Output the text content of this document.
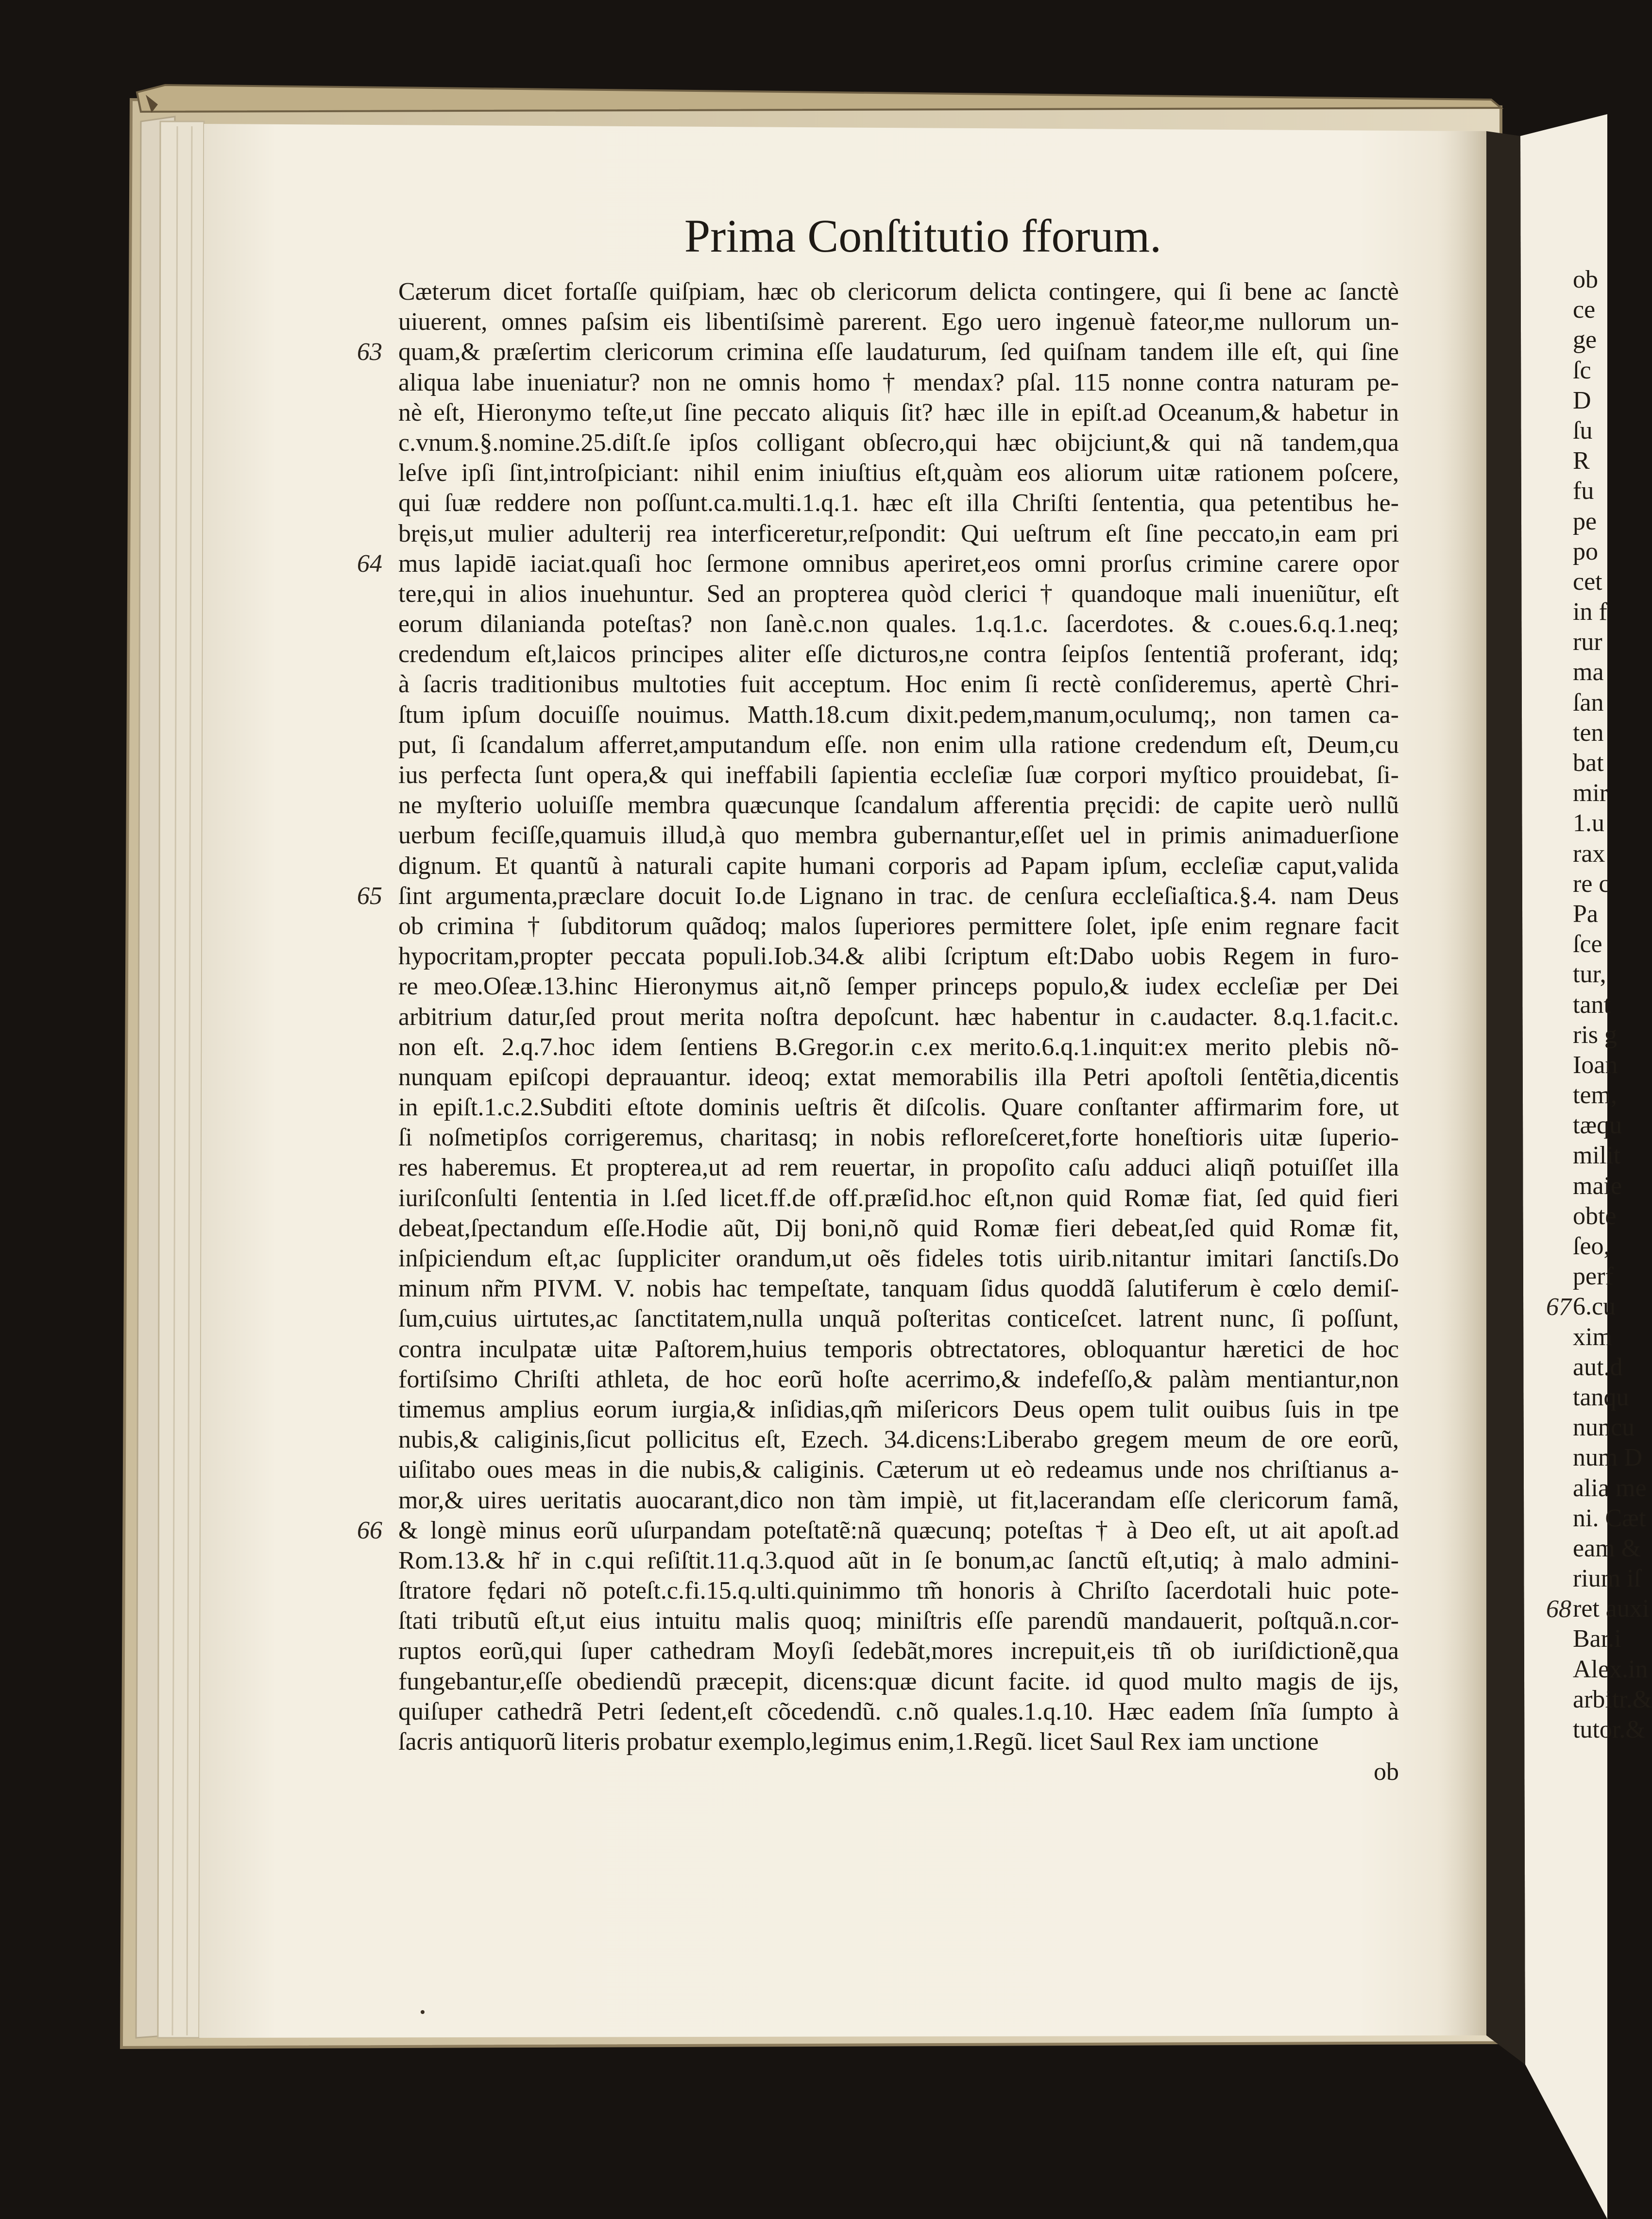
Prima Conſtitutio fforum.
Cæterum dicet fortaſſe quiſpiam, hæc ob clericorum delicta contingere, qui ſi bene ac ſanctè
uiuerent, omnes paſsim eis libentiſsimè parerent. Ego uero ingenuè fateor,me nullorum un-
quam,& præſertim clericorum crimina eſſe laudaturum, ſed quiſnam tandem ille eſt, qui ſine
aliqua labe inueniatur? non ne omnis homo † mendax? pſal. 115 nonne contra naturam pe-
nè eſt, Hieronymo teſte,ut ſine peccato aliquis ſit? hæc ille in epiſt.ad Oceanum,& habetur in
c.vnum.§.nomine.25.diſt.ſe ipſos colligant obſecro,qui hæc obijciunt,& qui nã tandem,qua
leſve ipſi ſint,introſpiciant: nihil enim iniuſtius eſt,quàm eos aliorum uitæ rationem poſcere,
qui ſuæ reddere non poſſunt.ca.multi.1.q.1. hæc eſt illa Chriſti ſententia, qua petentibus he-
bręis,ut mulier adulterij rea interficeretur,reſpondit: Qui ueſtrum eſt ſine peccato,in eam pri
mus lapidē iaciat.quaſi hoc ſermone omnibus aperiret,eos omni prorſus crimine carere opor
tere,qui in alios inuehuntur. Sed an propterea quòd clerici † quandoque mali inueniũtur, eſt
eorum dilanianda poteſtas? non ſanè.c.non quales. 1.q.1.c. ſacerdotes. & c.oues.6.q.1.neq;
credendum eſt,laicos principes aliter eſſe dicturos,ne contra ſeipſos ſententiã proferant, idq;
à ſacris traditionibus multoties fuit acceptum. Hoc enim ſi rectè conſideremus, apertè Chri-
ſtum ipſum docuiſſe nouimus. Matth.18.cum dixit.pedem,manum,oculumq;, non tamen ca-
put, ſi ſcandalum afferret,amputandum eſſe. non enim ulla ratione credendum eſt, Deum,cu
ius perfecta ſunt opera,& qui ineffabili ſapientia eccleſiæ ſuæ corpori myſtico prouidebat, ſi-
ne myſterio uoluiſſe membra quæcunque ſcandalum afferentia pręcidi: de capite uerò nullũ
uerbum feciſſe,quamuis illud,à quo membra gubernantur,eſſet uel in primis animaduerſione
dignum. Et quantũ à naturali capite humani corporis ad Papam ipſum, eccleſiæ caput,valida
ſint argumenta,præclare docuit Io.de Lignano in trac. de cenſura eccleſiaſtica.§.4. nam Deus
ob crimina † ſubditorum quãdoq; malos ſuperiores permittere ſolet, ipſe enim regnare facit
hypocritam,propter peccata populi.Iob.34.& alibi ſcriptum eſt:Dabo uobis Regem in furo-
re meo.Oſeæ.13.hinc Hieronymus ait,nõ ſemper princeps populo,& iudex eccleſiæ per Dei
arbitrium datur,ſed prout merita noſtra depoſcunt. hæc habentur in c.audacter. 8.q.1.facit.c.
non eſt. 2.q.7.hoc idem ſentiens B.Gregor.in c.ex merito.6.q.1.inquit:ex merito plebis nõ-
nunquam epiſcopi deprauantur. ideoq; extat memorabilis illa Petri apoſtoli ſentẽtia,dicentis
in epiſt.1.c.2.Subditi eſtote dominis ueſtris ẽt diſcolis. Quare conſtanter affirmarim fore, ut
ſi noſmetipſos corrigeremus, charitasq; in nobis refloreſceret,forte honeſtioris uitæ ſuperio-
res haberemus. Et propterea,ut ad rem reuertar, in propoſito caſu adduci aliqñ potuiſſet illa
iuriſconſulti ſententia in l.ſed licet.ff.de off.præſid.hoc eſt,non quid Romæ fiat, ſed quid fieri
debeat,ſpectandum eſſe.Hodie aũt, Dij boni,nõ quid Romæ fieri debeat,ſed quid Romæ fit,
inſpiciendum eſt,ac ſuppliciter orandum,ut oẽs fideles totis uirib.nitantur imitari ſanctiſs.Do
minum nr̃m PIVM. V. nobis hac tempeſtate, tanquam ſidus quoddã ſalutiferum è cœlo demiſ-
ſum,cuius uirtutes,ac ſanctitatem,nulla unquã poſteritas conticeſcet. latrent nunc, ſi poſſunt,
contra inculpatæ uitæ Paſtorem,huius temporis obtrectatores, obloquantur hæretici de hoc
fortiſsimo Chriſti athleta, de hoc eorũ hoſte acerrimo,& indefeſſo,& palàm mentiantur,non
timemus amplius eorum iurgia,& inſidias,qm̃ miſericors Deus opem tulit ouibus ſuis in tpe
nubis,& caliginis,ſicut pollicitus eſt, Ezech. 34.dicens:Liberabo gregem meum de ore eorũ,
uiſitabo oues meas in die nubis,& caliginis. Cæterum ut eò redeamus unde nos chriſtianus a-
mor,& uires ueritatis auocarant,dico non tàm impiè, ut fit,lacerandam eſſe clericorum famã,
& longè minus eorũ uſurpandam poteſtatẽ:nã quæcunq; poteſtas † à Deo eſt, ut ait apoſt.ad
Rom.13.& hr̃ in c.qui reſiſtit.11.q.3.quod aũt in ſe bonum,ac ſanctũ eſt,utiq; à malo admini-
ſtratore fędari nõ poteſt.c.fi.15.q.ulti.quinimmo tm̃ honoris à Chriſto ſacerdotali huic pote-
ſtati tributũ eſt,ut eius intuitu malis quoq; miniſtris eſſe parendũ mandauerit, poſtquã.n.cor-
ruptos eorũ,qui ſuper cathedram Moyſi ſedebãt,mores increpuit,eis tñ ob iuriſdictionẽ,qua
fungebantur,eſſe obediendũ præcepit, dicens:quæ dicunt facite. id quod multo magis de ijs,
quiſuper cathedrã Petri ſedent,eſt cõcedendũ. c.nõ quales.1.q.10. Hæc eadem ſnĩa ſumpto à
ſacris antiquorũ literis probatur exemplo,legimus enim,1.Regũ. licet Saul Rex iam unctione
ob
63
64
65
66
ob
ce
ge
ſc
D
ſu
R
fu
pe
po
cet
in f
rur
ma
ſan
ten
bat
mir
1.u
rax
re c
Pa
ſce
tur,
tant
ris g
Ioan
tem,
tæqu
milit
maie
obte
ſeo,
perf
6.cu
xim
aut.d
tanqu
nuncu
num D
alia me
ni. Cæt
eam &
rium iſ
ret auxi
Bar.i
Alex.in
arbitr.&
tutor.&
67
68
